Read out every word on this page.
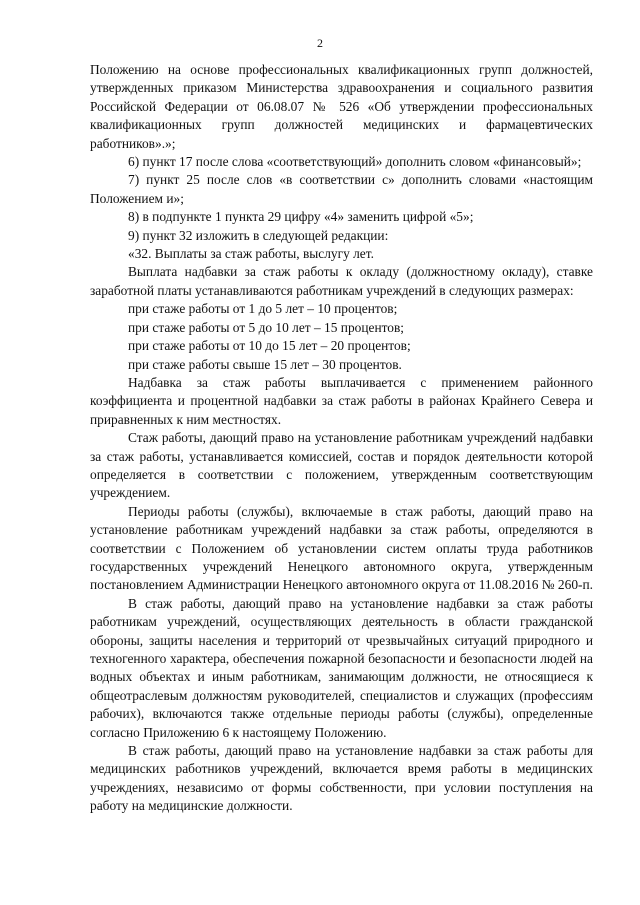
2

Положению на основе профессиональных квалификационных групп должностей, утвержденных приказом Министерства здравоохранения и социального развития Российской Федерации от 06.08.07 № 526 «Об утверждении профессиональных квалификационных групп должностей медицинских и фармацевтических работников».»;

6) пункт 17 после слова «соответствующий» дополнить словом «финансовый»;

7) пункт 25 после слов «в соответствии с» дополнить словами «настоящим Положением и»;

8) в подпункте 1 пункта 29 цифру «4» заменить цифрой «5»;

9) пункт 32 изложить в следующей редакции:

«32. Выплаты за стаж работы, выслугу лет.

Выплата надбавки за стаж работы к окладу (должностному окладу), ставке заработной платы устанавливаются работникам учреждений в следующих размерах:

при стаже работы от 1 до 5 лет – 10 процентов;

при стаже работы от 5 до 10 лет – 15 процентов;

при стаже работы от 10 до 15 лет – 20 процентов;

при стаже работы свыше 15 лет – 30 процентов.

Надбавка за стаж работы выплачивается с применением районного коэффициента и процентной надбавки за стаж работы в районах Крайнего Севера и приравненных к ним местностях.

Стаж работы, дающий право на установление работникам учреждений надбавки за стаж работы, устанавливается комиссией, состав и порядок деятельности которой определяется в соответствии с положением, утвержденным соответствующим учреждением.

Периоды работы (службы), включаемые в стаж работы, дающий право на установление работникам учреждений надбавки за стаж работы, определяются в соответствии с Положением об установлении систем оплаты труда работников государственных учреждений Ненецкого автономного округа, утвержденным постановлением Администрации Ненецкого автономного округа от 11.08.2016 № 260-п.

В стаж работы, дающий право на установление надбавки за стаж работы работникам учреждений, осуществляющих деятельность в области гражданской обороны, защиты населения и территорий от чрезвычайных ситуаций природного и техногенного характера, обеспечения пожарной безопасности и безопасности людей на водных объектах и иным работникам, занимающим должности, не относящиеся к общеотраслевым должностям руководителей, специалистов и служащих (профессиям рабочих), включаются также отдельные периоды работы (службы), определенные согласно Приложению 6 к настоящему Положению.

В стаж работы, дающий право на установление надбавки за стаж работы для медицинских работников учреждений, включается время работы в медицинских учреждениях, независимо от формы собственности, при условии поступления на работу на медицинские должности.
